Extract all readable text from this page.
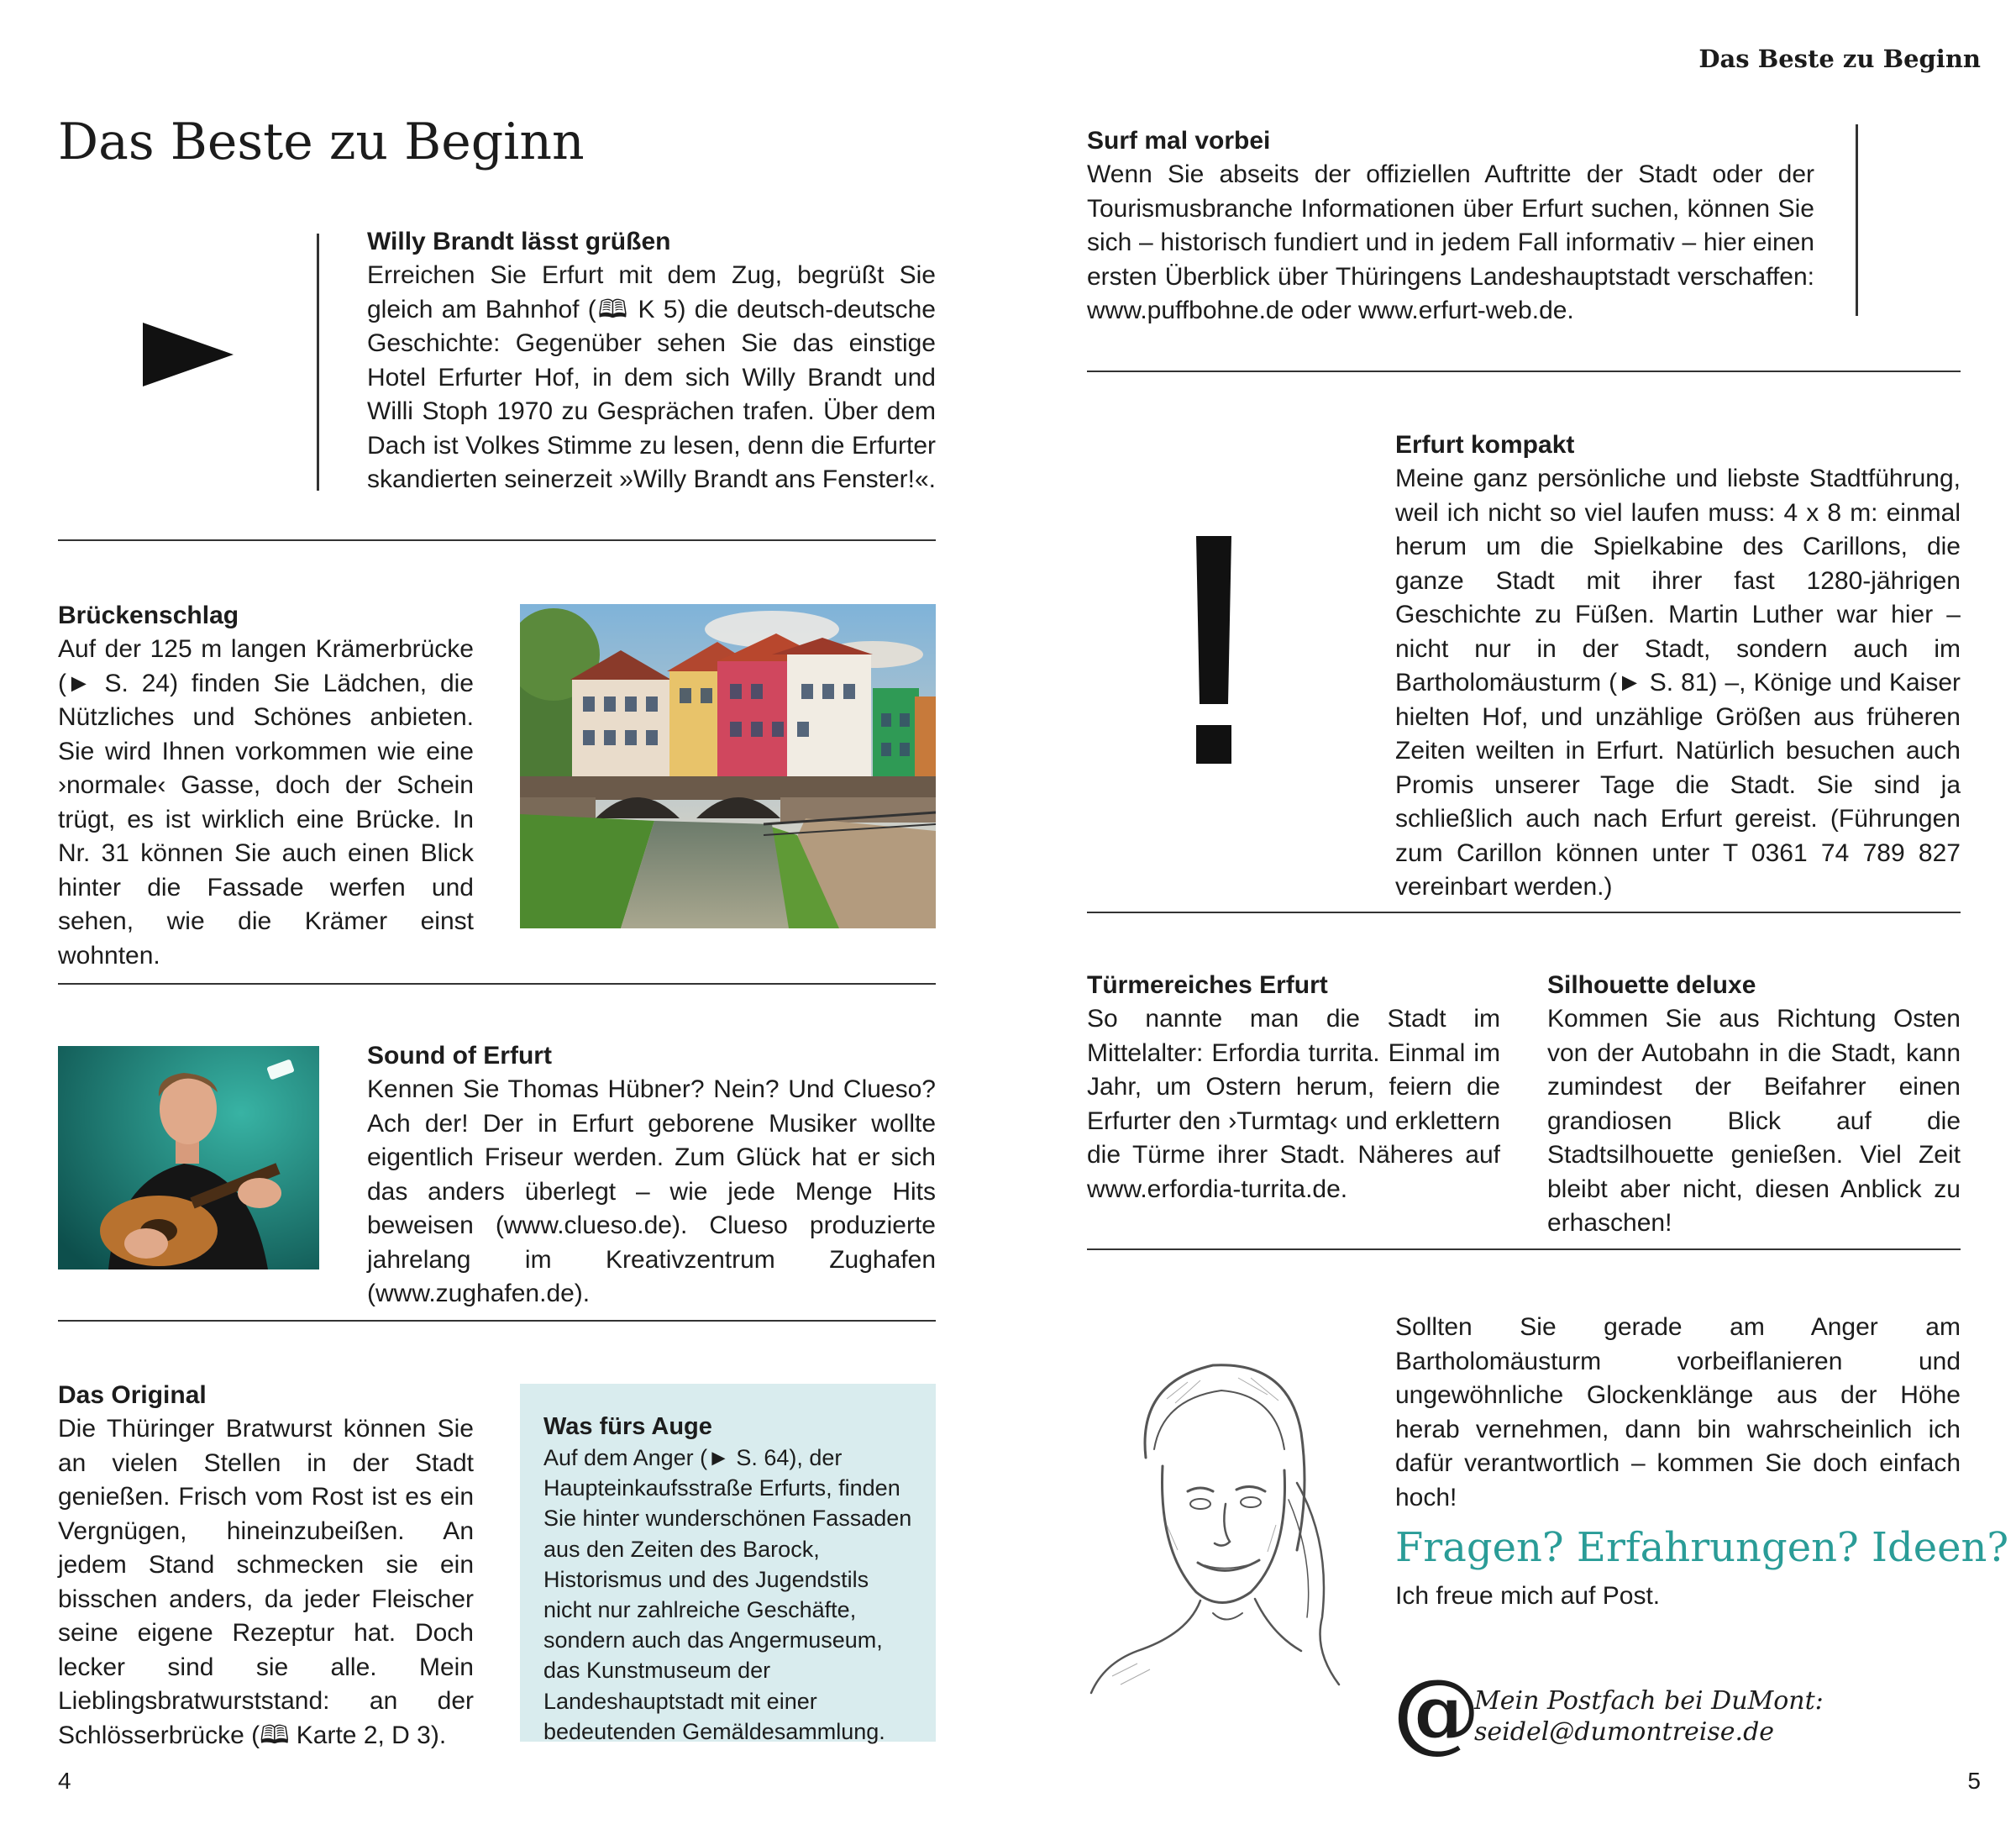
Das Beste zu Beginn
Das Beste zu Beginn
Willy Brandt lässt grüßen

Erreichen Sie Erfurt mit dem Zug, begrüßt Sie gleich am Bahnhof (🕮 K 5) die deutsch-deutsche Geschichte: Gegenüber sehen Sie das einstige Hotel Erfurter Hof, in dem sich Willy Brandt und Willi Stoph 1970 zu Gesprächen trafen. Über dem Dach ist Volkes Stimme zu lesen, denn die Erfurter skandierten seinerzeit »Willy Brandt ans Fenster!«.

Brückenschlag

Auf der 125 m langen Krämerbrücke (► S. 24) finden Sie Lädchen, die Nützliches und Schönes anbieten. Sie wird Ihnen vorkommen wie eine ›normale‹ Gasse, doch der Schein trügt, es ist wirklich eine Brücke. In Nr. 31 können Sie auch einen Blick hinter die Fassade werfen und sehen, wie die Krämer einst wohnten.

Sound of Erfurt

Kennen Sie Thomas Hübner? Nein? Und Clueso? Ach der! Der in Erfurt geborene Musiker wollte eigentlich Friseur werden. Zum Glück hat er sich das anders überlegt – wie jede Menge Hits beweisen (www.clueso.de). Clueso produzierte jahrelang im Kreativzentrum Zughafen (www.zughafen.de).

Das Original

Die Thüringer Bratwurst können Sie an vielen Stellen in der Stadt genießen. Frisch vom Rost ist es ein Vergnügen, hineinzubeißen. An jedem Stand schmecken sie ein bisschen anders, da jeder Fleischer seine eigene Rezeptur hat. Doch lecker sind sie alle. Mein Lieblingsbratwurststand: an der Schlösserbrücke (🕮 Karte 2, D 3).

Was fürs Auge

Auf dem Anger (► S. 64), der Haupteinkaufsstraße Erfurts, finden Sie hinter wunderschönen Fassaden aus den Zeiten des Barock, Historismus und des Jugendstils nicht nur zahlreiche Geschäfte, sondern auch das Angermuseum, das Kunstmuseum der Landeshauptstadt mit einer bedeutenden Gemäldesammlung.

4
Surf mal vorbei

Wenn Sie abseits der offiziellen Auftritte der Stadt oder der Tourismusbranche Informationen über Erfurt suchen, können Sie sich – historisch fundiert und in jedem Fall informativ – hier einen ersten Überblick über Thüringens Landeshauptstadt verschaffen: www.puffbohne.de oder www.erfurt-web.de.

Erfurt kompakt

Meine ganz persönliche und liebste Stadtführung, weil ich nicht so viel laufen muss: 4 x 8 m: einmal herum um die Spielkabine des Carillons, die ganze Stadt mit ihrer fast 1280-jährigen Geschichte zu Füßen. Martin Luther war hier – nicht nur in der Stadt, sondern auch im Bartholomäusturm (► S. 81) –, Könige und Kaiser hielten Hof, und unzählige Größen aus früheren Zeiten weilten in Erfurt. Natürlich besuchen auch Promis unserer Tage die Stadt. Sie sind ja schließlich auch nach Erfurt gereist. (Führungen zum Carillon können unter T 0361 74 789 827 vereinbart werden.)

Türmereiches Erfurt

So nannte man die Stadt im Mittelalter: Erfordia turrita. Einmal im Jahr, um Ostern herum, feiern die Erfurter den ›Turmtag‹ und erklettern die Türme ihrer Stadt. Näheres auf www.erfordia-turrita.de.

Silhouette deluxe

Kommen Sie aus Richtung Osten von der Autobahn in die Stadt, kann zumindest der Beifahrer einen grandiosen Blick auf die Stadtsilhouette genießen. Viel Zeit bleibt aber nicht, diesen Anblick zu erhaschen!

Sollten Sie gerade am Anger am Bartholomäusturm vorbeiflanieren und ungewöhnliche Glockenklänge aus der Höhe herab vernehmen, dann bin wahrscheinlich ich dafür verantwortlich – kommen Sie doch einfach hoch!

Fragen? Erfahrungen? Ideen?
Ich freue mich auf Post.
@
Mein Postfach bei DuMont:
seidel@dumontreise.de
5
